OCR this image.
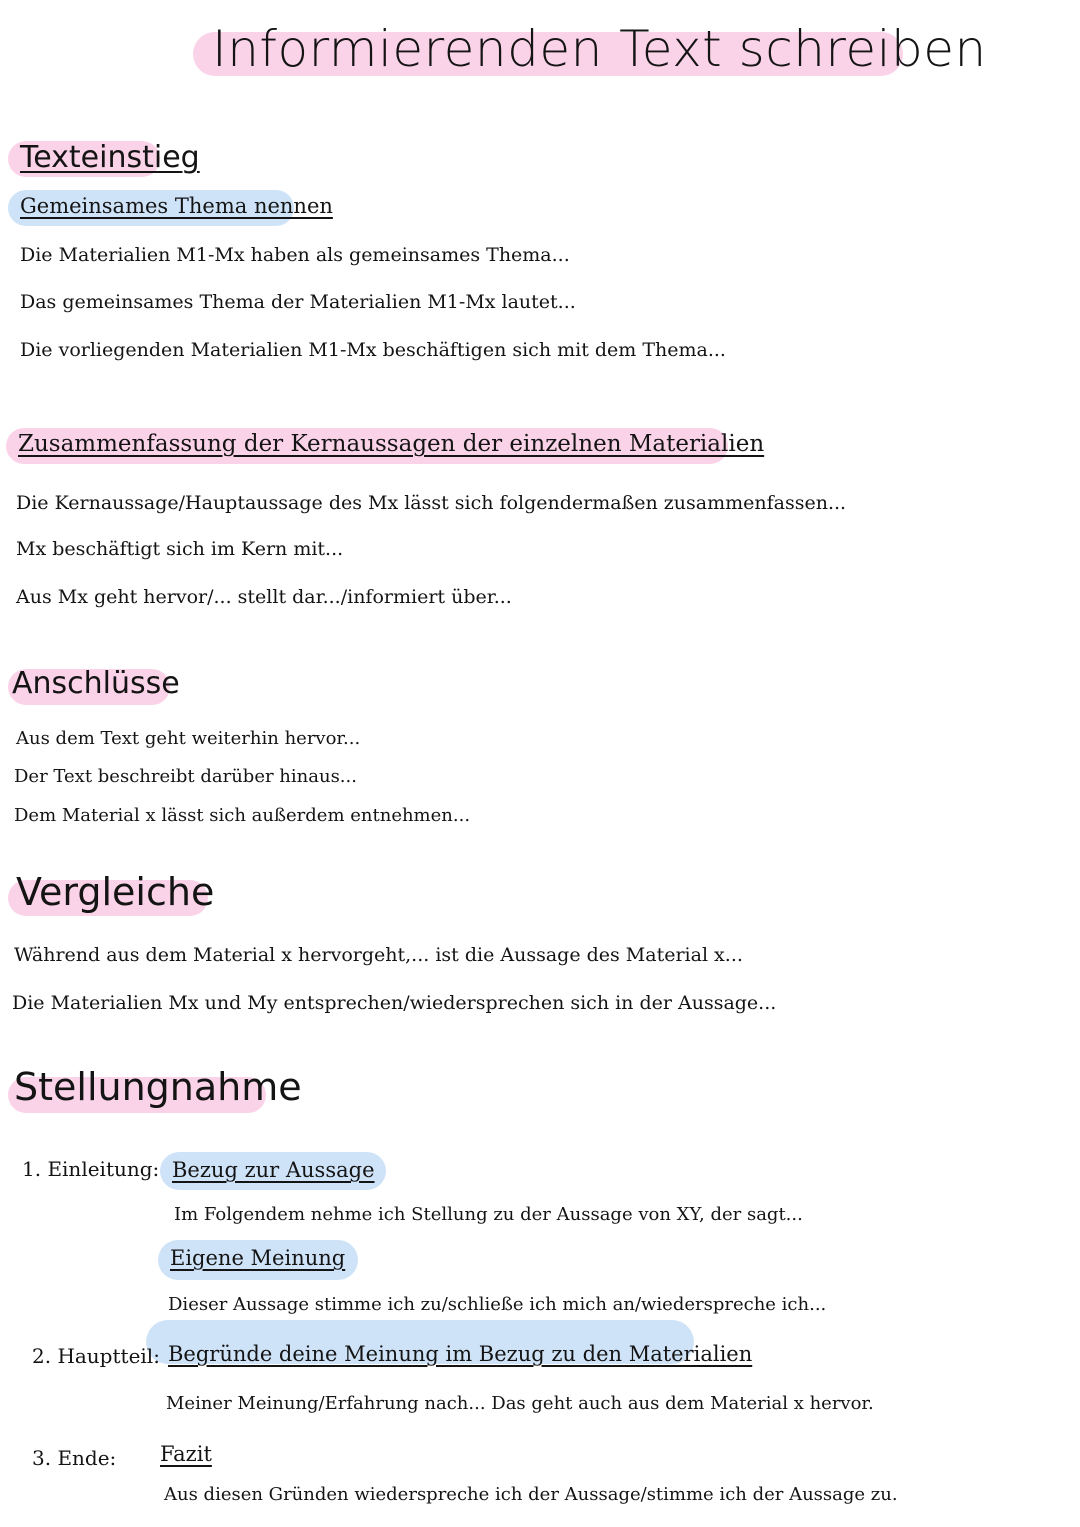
Informierenden Text schreiben
Texteinstieg
Gemeinsames Thema nennen
Die Materialien M1-Mx haben als gemeinsames Thema...
Das gemeinsames Thema der Materialien M1-Mx lautet...
Die vorliegenden Materialien M1-Mx beschäftigen sich mit dem Thema...
Zusammenfassung der Kernaussagen der einzelnen Materialien
Die Kernaussage/Hauptaussage des Mx lässt sich folgendermaßen zusammenfassen...
Mx beschäftigt sich im Kern mit...
Aus Mx geht hervor/... stellt dar.../informiert über...
Anschlüsse
Aus dem Text geht weiterhin hervor...
Der Text beschreibt darüber hinaus...
Dem Material x lässt sich außerdem entnehmen...
Vergleiche
Während aus dem Material x hervorgeht,... ist die Aussage des Material x...
Die Materialien Mx und My entsprechen/wiedersprechen sich in der Aussage...
Stellungnahme
1. Einleitung: Bezug zur Aussage
Im Folgendem nehme ich Stellung zu der Aussage von XY, der sagt...
Eigene Meinung
Dieser Aussage stimme ich zu/schließe ich mich an/wiederspreche ich...
2. Hauptteil: Begründe deine Meinung im Bezug zu den Materialien
Meiner Meinung/Erfahrung nach... Das geht auch aus dem Material x hervor.
3. Ende: Fazit
Aus diesen Gründen wiederspreche ich der Aussage/stimme ich der Aussage zu.
